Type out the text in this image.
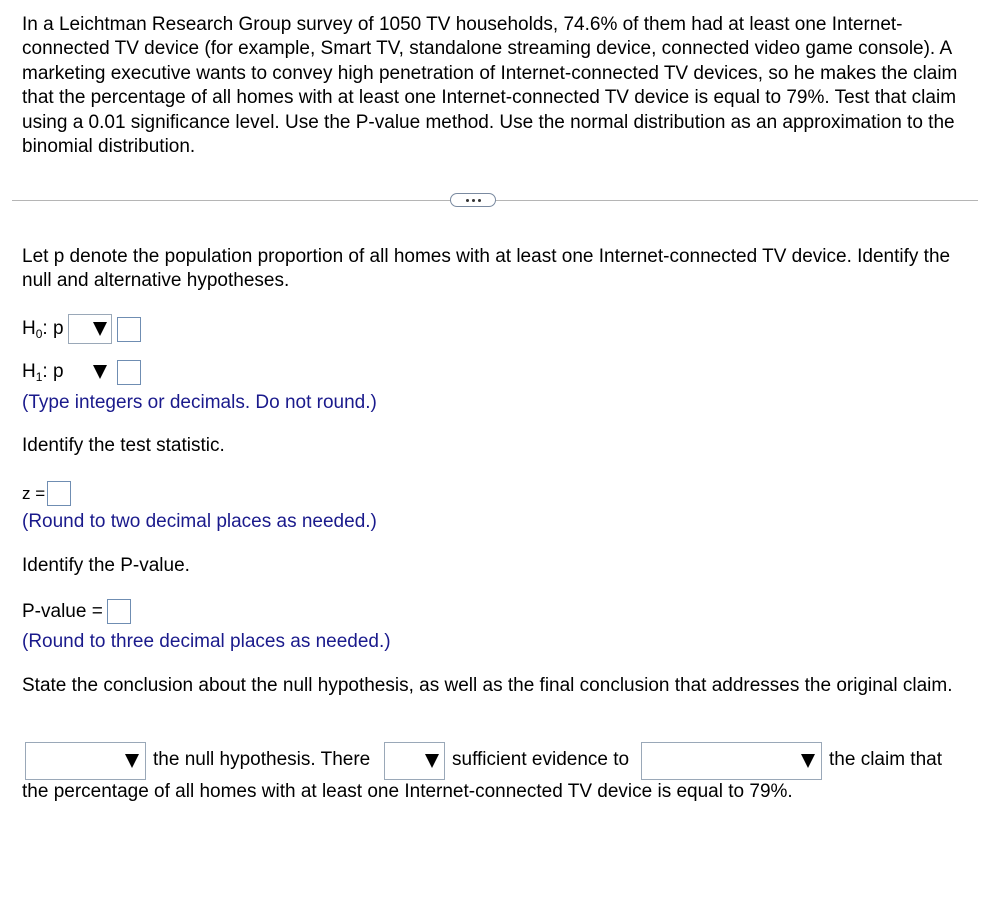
In a Leichtman Research Group survey of 1050 TV households, 74.6% of them had at least one Internet-connected TV device (for example, Smart TV, standalone streaming device, connected video game console). A marketing executive wants to convey high penetration of Internet-connected TV devices, so he makes the claim that the percentage of all homes with at least one Internet-connected TV device is equal to 79%. Test that claim using a 0.01 significance level. Use the P-value method. Use the normal distribution as an approximation to the binomial distribution.

Let p denote the population proportion of all homes with at least one Internet-connected TV device. Identify the null and alternative hypotheses.

H 0 : p
H 1 : p

(Type integers or decimals. Do not round.)

Identify the test statistic.

z =

(Round to two decimal places as needed.)

Identify the P-value.

P-value =

(Round to three decimal places as needed.)

State the conclusion about the null hypothesis, as well as the final conclusion that addresses the original claim.

the null hypothesis. There	sufficient evidence to	the claim that

the percentage of all homes with at least one Internet-connected TV device is equal to 79%.
